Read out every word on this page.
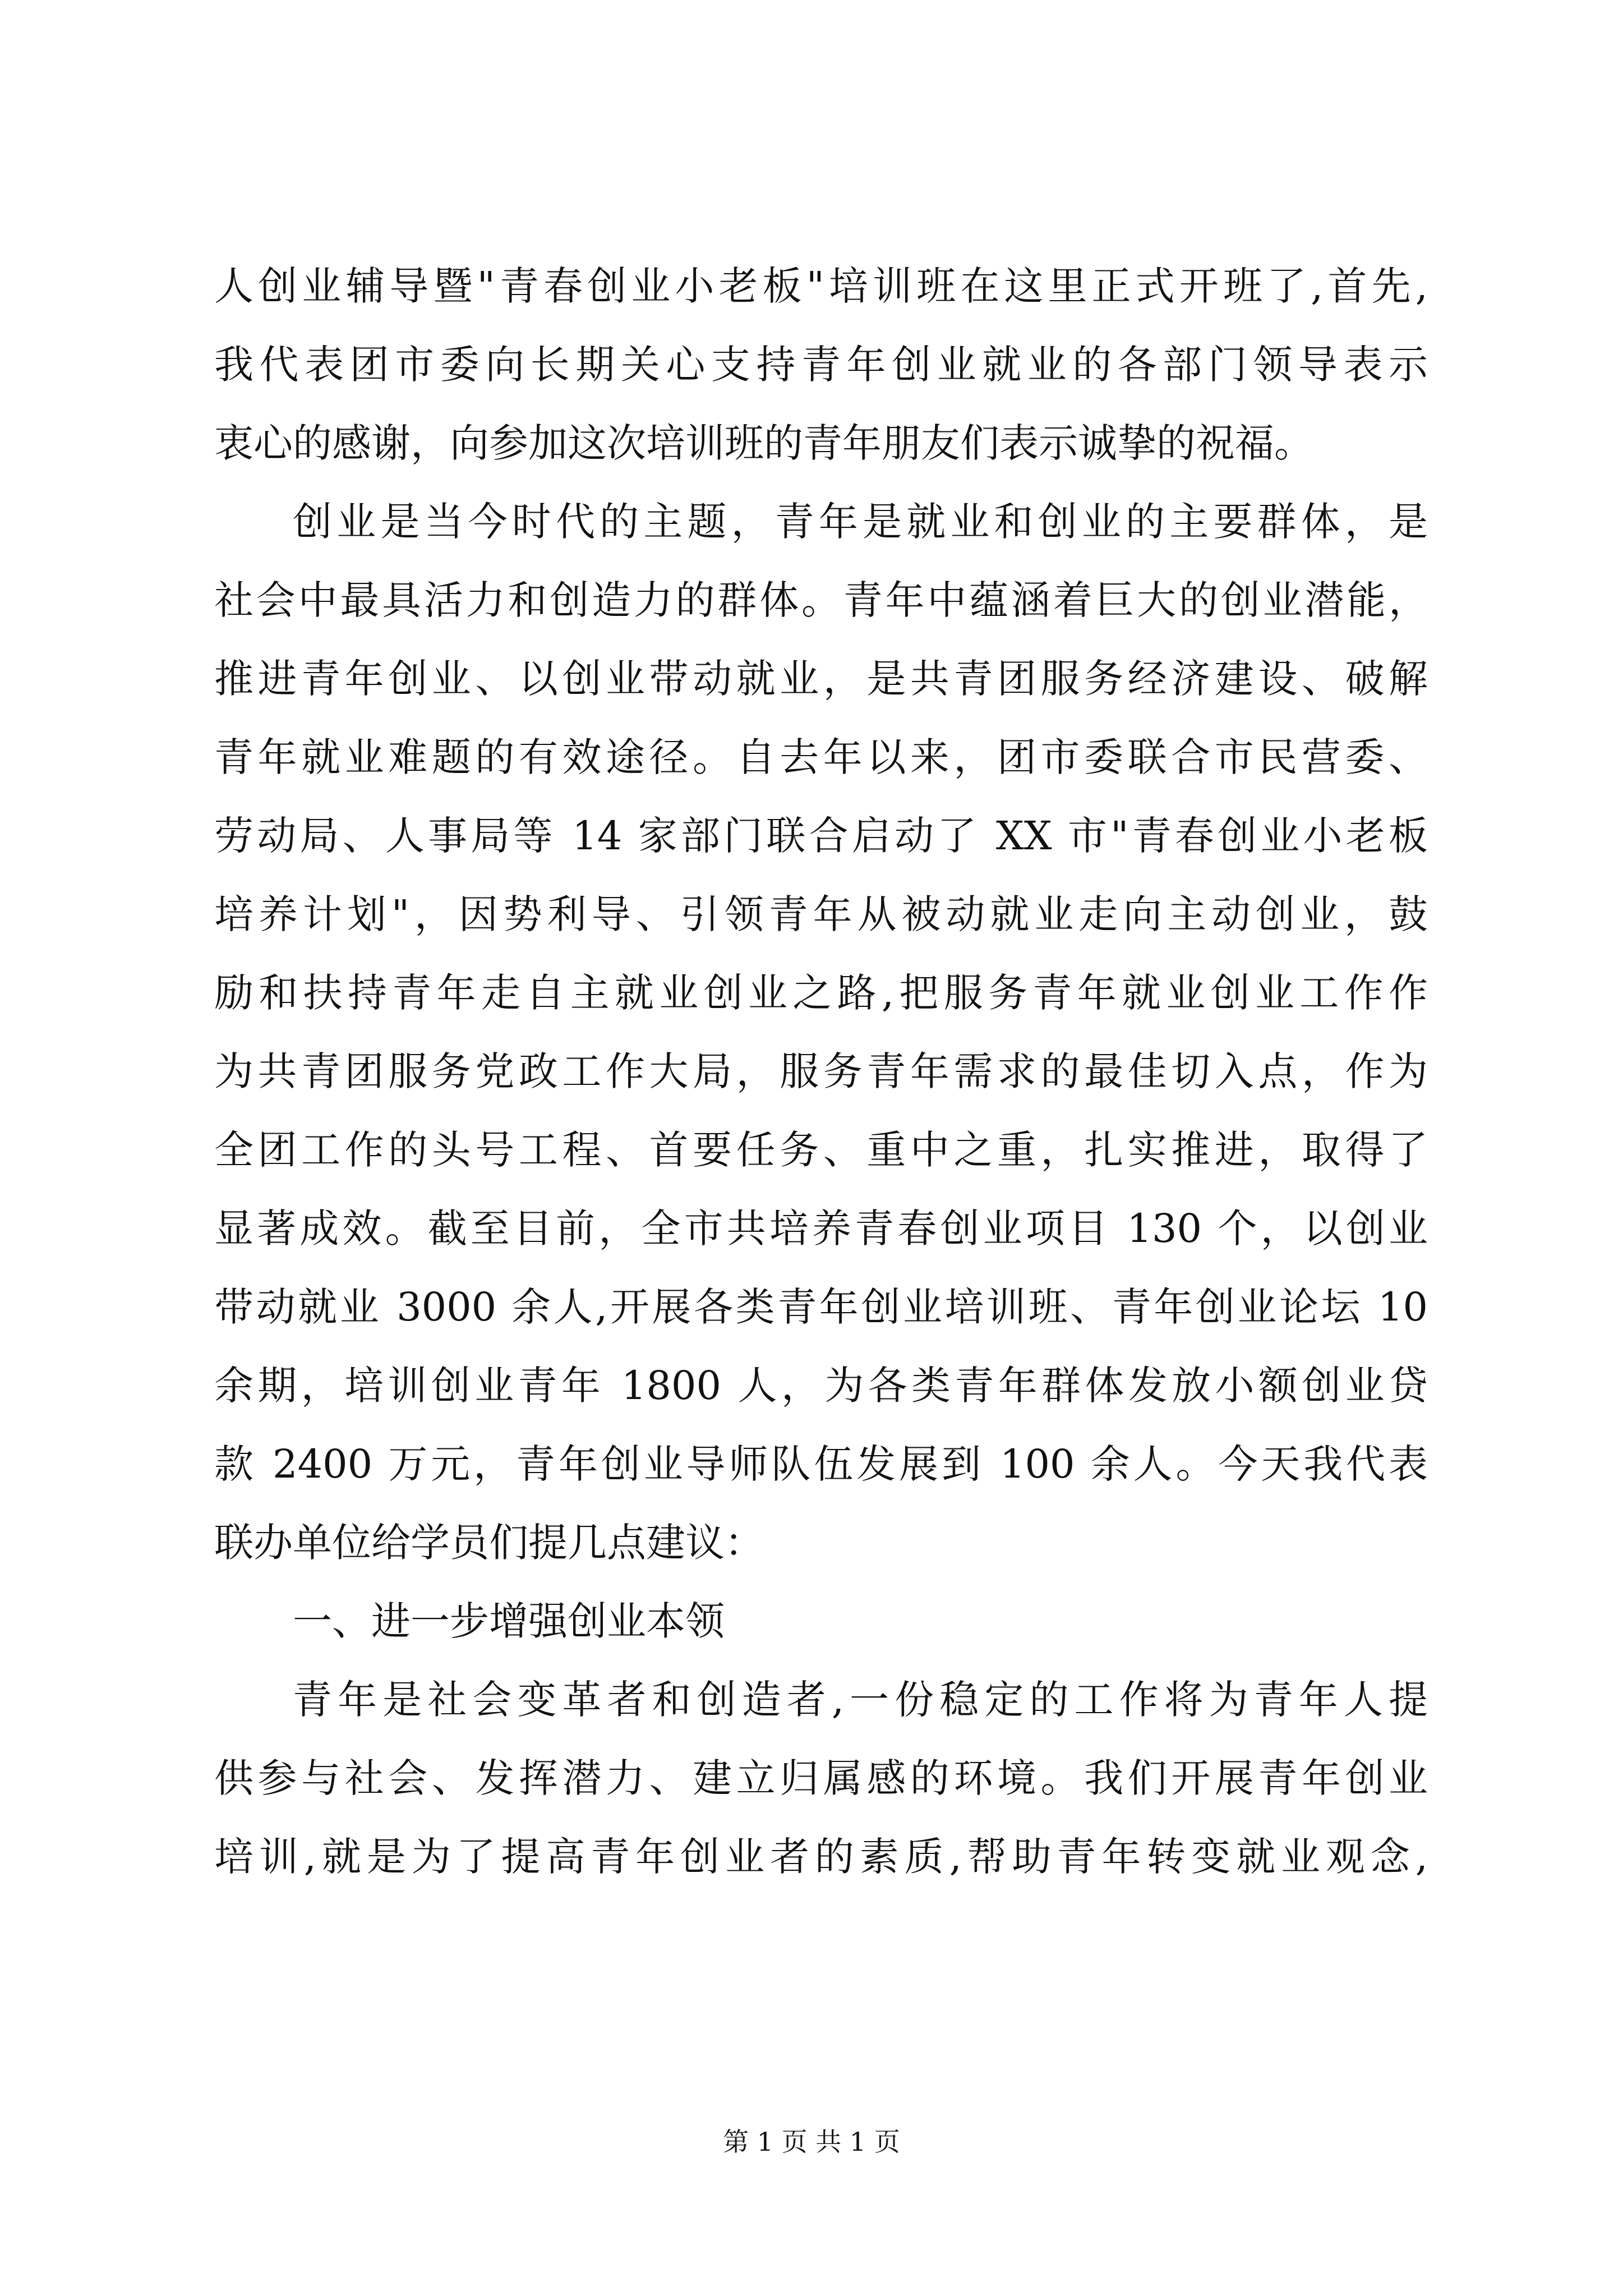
人创业辅导暨"青春创业小老板"培训班在这里正式开班了,首先,
我代表团市委向长期关心支持青年创业就业的各部门领导表示
衷心的感谢，向参加这次培训班的青年朋友们表示诚挚的祝福。
创业是当今时代的主题，青年是就业和创业的主要群体，是
社会中最具活力和创造力的群体。青年中蕴涵着巨大的创业潜能，
推进青年创业、以创业带动就业，是共青团服务经济建设、破解
青年就业难题的有效途径。自去年以来，团市委联合市民营委、
劳动局、人事局等 14 家部门联合启动了 XX 市"青春创业小老板
培养计划"，因势利导、引领青年从被动就业走向主动创业，鼓
励和扶持青年走自主就业创业之路,把服务青年就业创业工作作
为共青团服务党政工作大局，服务青年需求的最佳切入点，作为
全团工作的头号工程、首要任务、重中之重，扎实推进，取得了
显著成效。截至目前，全市共培养青春创业项目 130 个，以创业
带动就业 3000 余人,开展各类青年创业培训班、青年创业论坛 10
余期，培训创业青年 1800 人，为各类青年群体发放小额创业贷
款 2400 万元，青年创业导师队伍发展到 100 余人。今天我代表
联办单位给学员们提几点建议：
一、进一步增强创业本领
青年是社会变革者和创造者,一份稳定的工作将为青年人提
供参与社会、发挥潜力、建立归属感的环境。我们开展青年创业
培训,就是为了提高青年创业者的素质,帮助青年转变就业观念,
第 1 页 共 1 页
